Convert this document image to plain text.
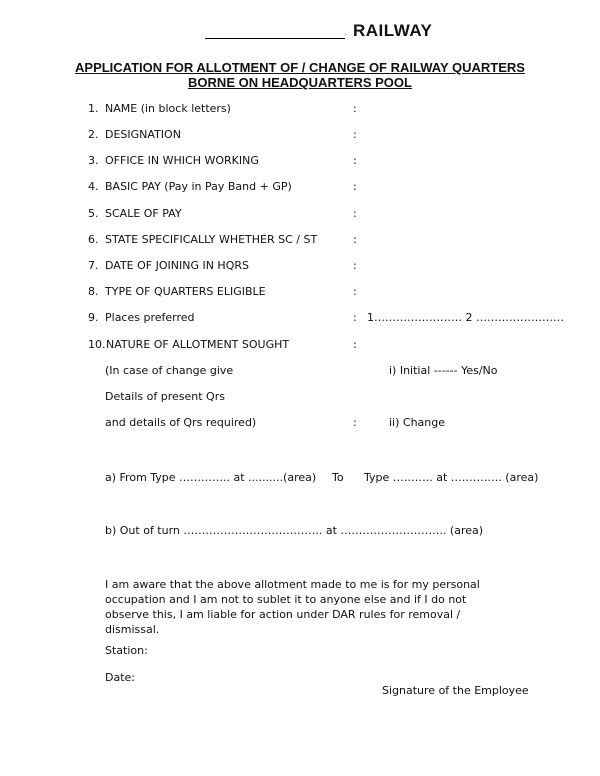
. RAILWAY
APPLICATION FOR ALLOTMENT OF / CHANGE OF RAILWAY QUARTERS
BORNE ON HEADQUARTERS POOL
1. NAME (in block letters)	:
2. DESIGNATION	:
3. OFFICE IN WHICH WORKING	:
4. BASIC PAY (Pay in Pay Band + GP)	:
5. SCALE OF PAY	:
6. STATE SPECIFICALLY WHETHER SC / ST	:
7. DATE OF JOINING IN HQRS	:
8. TYPE OF QUARTERS ELIGIBLE	:
9. Places preferred	: 1…………………… 2 ……………………
10. NATURE OF ALLOTMENT SOUGHT	:
(In case of change give	i) Initial ------ Yes/No
Details of present Qrs
and details of Qrs required)	:	ii) Change
a) From Type ………….. at ..........(area) To Type ……….. at ………….. (area)
b) Out of turn ……………………………….. at ……………………….. (area)
I am aware that the above allotment made to me is for my personal occupation and I am not to sublet it to anyone else and if I do not observe this, I am liable for action under DAR rules for removal / dismissal.
Station:
Date:
Signature of the Employee
